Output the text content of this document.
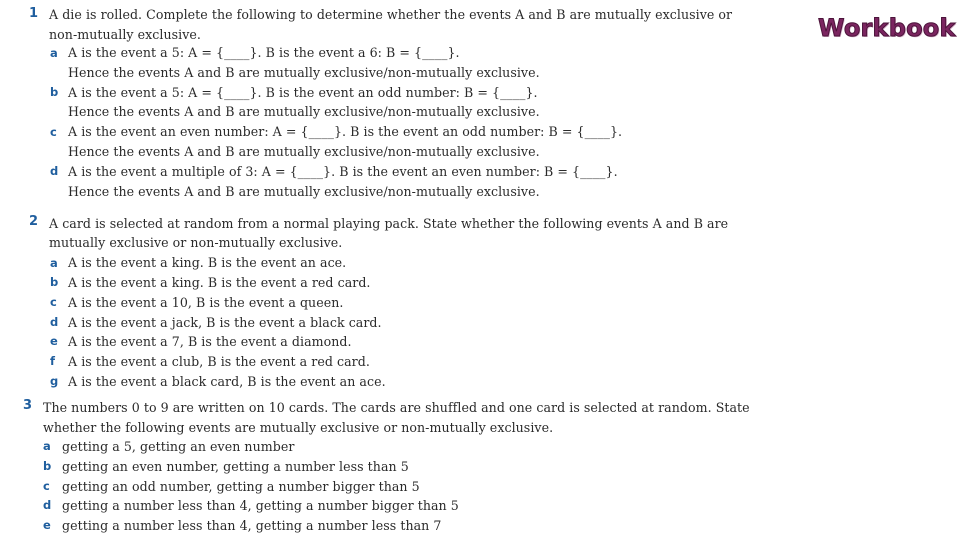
Workbook
1 A die is rolled. Complete the following to determine whether the events A and B are mutually exclusive or
non-mutually exclusive.
a A is the event a 5: A = {____}. B is the event a 6: B = {____}.
Hence the events A and B are mutually exclusive/non-mutually exclusive.
b A is the event a 5: A = {____}. B is the event an odd number: B = {____}.
Hence the events A and B are mutually exclusive/non-mutually exclusive.
c A is the event an even number: A = {____}. B is the event an odd number: B = {____}.
Hence the events A and B are mutually exclusive/non-mutually exclusive.
d A is the event a multiple of 3: A = {____}. B is the event an even number: B = {____}.
Hence the events A and B are mutually exclusive/non-mutually exclusive.
2 A card is selected at random from a normal playing pack. State whether the following events A and B are
mutually exclusive or non-mutually exclusive.
a A is the event a king. B is the event an ace.
b A is the event a king. B is the event a red card.
c A is the event a 10, B is the event a queen.
d A is the event a jack, B is the event a black card.
e A is the event a 7, B is the event a diamond.
f A is the event a club, B is the event a red card.
g A is the event a black card, B is the event an ace.
3 The numbers 0 to 9 are written on 10 cards. The cards are shuffled and one card is selected at random. State
whether the following events are mutually exclusive or non-mutually exclusive.
a getting a 5, getting an even number
b getting an even number, getting a number less than 5
c getting an odd number, getting a number bigger than 5
d getting a number less than 4, getting a number bigger than 5
e getting a number less than 4, getting a number less than 7
